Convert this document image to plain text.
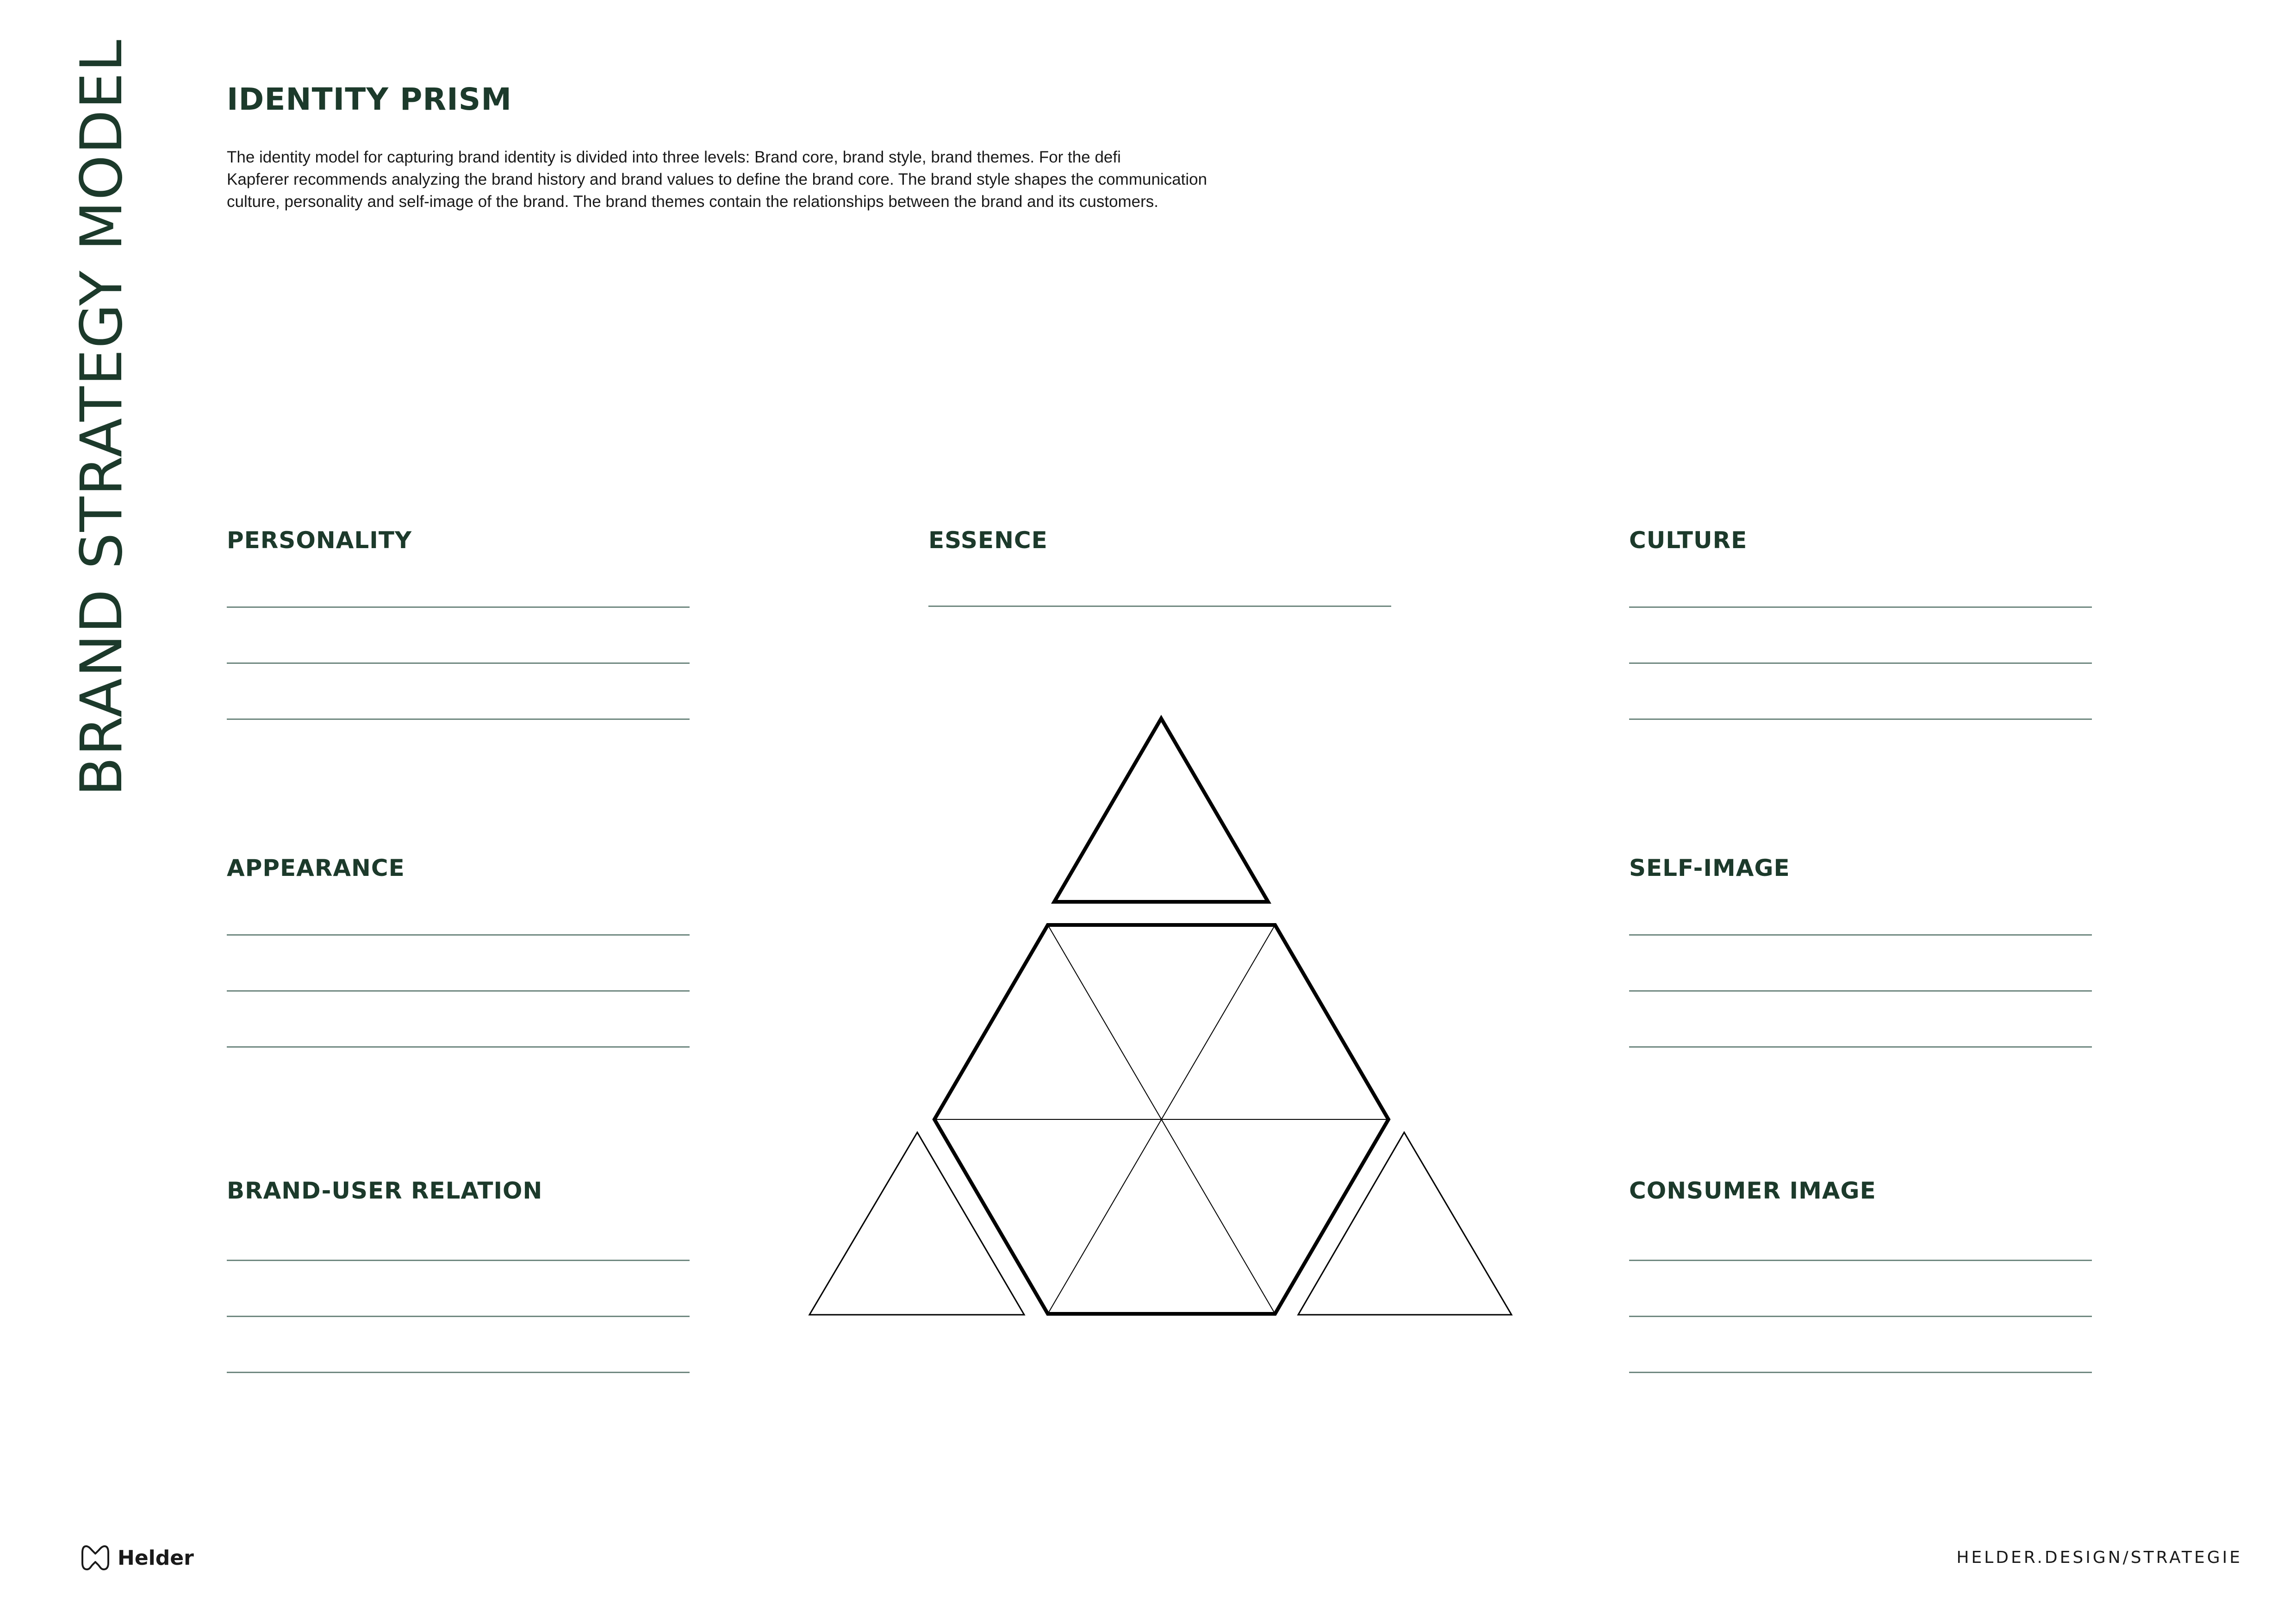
BRAND STRATEGY MODEL	IDENTITY PRISM
The identity model for capturing brand identity is divided into three levels: Brand core, brand style, brand themes. For the defi
Kapferer recommends analyzing the brand history and brand values to define the brand core. The brand style shapes the communication
culture, personality and self-image of the brand. The brand themes contain the relationships between the brand and its customers.
PERSONALITY
APPEARANCE
BRAND-USER RELATION
ESSENCE	CULTURE
SELF-IMAGE
CONSUMER IMAGE
Helder	HELDER.DESIGN/STRATEGIE
